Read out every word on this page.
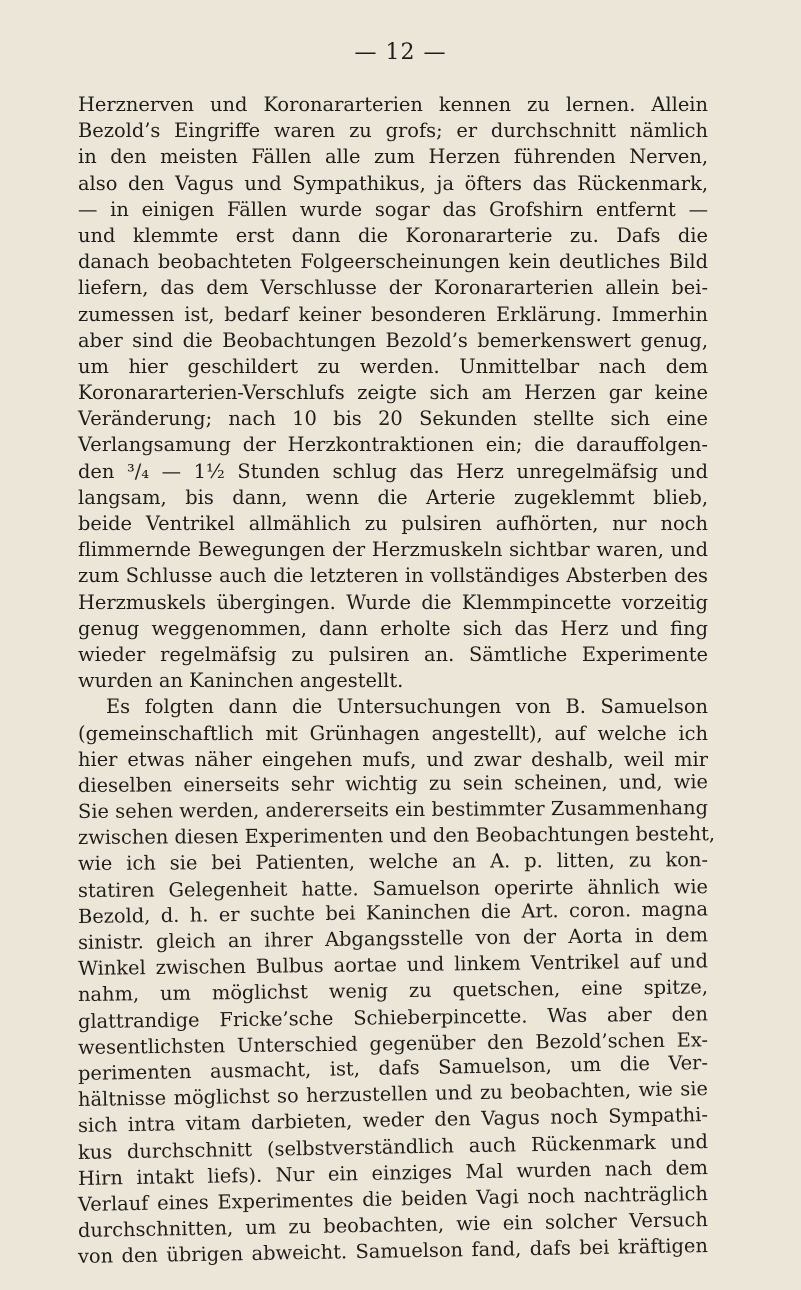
— 12 —
Herznerven und Koronararterien kennen zu lernen. Allein
Bezold’s Eingriffe waren zu grofs; er durchschnitt nämlich
in den meisten Fällen alle zum Herzen führenden Nerven,
also den Vagus und Sympathikus, ja öfters das Rückenmark,
— in einigen Fällen wurde sogar das Grofshirn entfernt —
und klemmte erst dann die Koronararterie zu. Dafs die
danach beobachteten Folgeerscheinungen kein deutliches Bild
liefern, das dem Verschlusse der Koronararterien allein bei-
zumessen ist, bedarf keiner besonderen Erklärung. Immerhin
aber sind die Beobachtungen Bezold’s bemerkenswert genug,
um hier geschildert zu werden. Unmittelbar nach dem
Koronararterien-Verschlufs zeigte sich am Herzen gar keine
Veränderung; nach 10 bis 20 Sekunden stellte sich eine
Verlangsamung der Herzkontraktionen ein; die darauffolgen-
den ³/₄ — 1½ Stunden schlug das Herz unregelmäfsig und
langsam, bis dann, wenn die Arterie zugeklemmt blieb,
beide Ventrikel allmählich zu pulsiren aufhörten, nur noch
flimmernde Bewegungen der Herzmuskeln sichtbar waren, und
zum Schlusse auch die letzteren in vollständiges Absterben des
Herzmuskels übergingen. Wurde die Klemmpincette vorzeitig
genug weggenommen, dann erholte sich das Herz und fing
wieder regelmäfsig zu pulsiren an. Sämtliche Experimente
wurden an Kaninchen angestellt.
Es folgten dann die Untersuchungen von B. Samuelson
(gemeinschaftlich mit Grünhagen angestellt), auf welche ich
hier etwas näher eingehen mufs, und zwar deshalb, weil mir
dieselben einerseits sehr wichtig zu sein scheinen, und, wie
Sie sehen werden, andererseits ein bestimmter Zusammenhang
zwischen diesen Experimenten und den Beobachtungen besteht,
wie ich sie bei Patienten, welche an A. p. litten, zu kon-
statiren Gelegenheit hatte. Samuelson operirte ähnlich wie
Bezold, d. h. er suchte bei Kaninchen die Art. coron. magna
sinistr. gleich an ihrer Abgangsstelle von der Aorta in dem
Winkel zwischen Bulbus aortae und linkem Ventrikel auf und
nahm, um möglichst wenig zu quetschen, eine spitze,
glattrandige Fricke’sche Schieberpincette. Was aber den
wesentlichsten Unterschied gegenüber den Bezold’schen Ex-
perimenten ausmacht, ist, dafs Samuelson, um die Ver-
hältnisse möglichst so herzustellen und zu beobachten, wie sie
sich intra vitam darbieten, weder den Vagus noch Sympathi-
kus durchschnitt (selbstverständlich auch Rückenmark und
Hirn intakt liefs). Nur ein einziges Mal wurden nach dem
Verlauf eines Experimentes die beiden Vagi noch nachträglich
durchschnitten, um zu beobachten, wie ein solcher Versuch
von den übrigen abweicht. Samuelson fand, dafs bei kräftigen
